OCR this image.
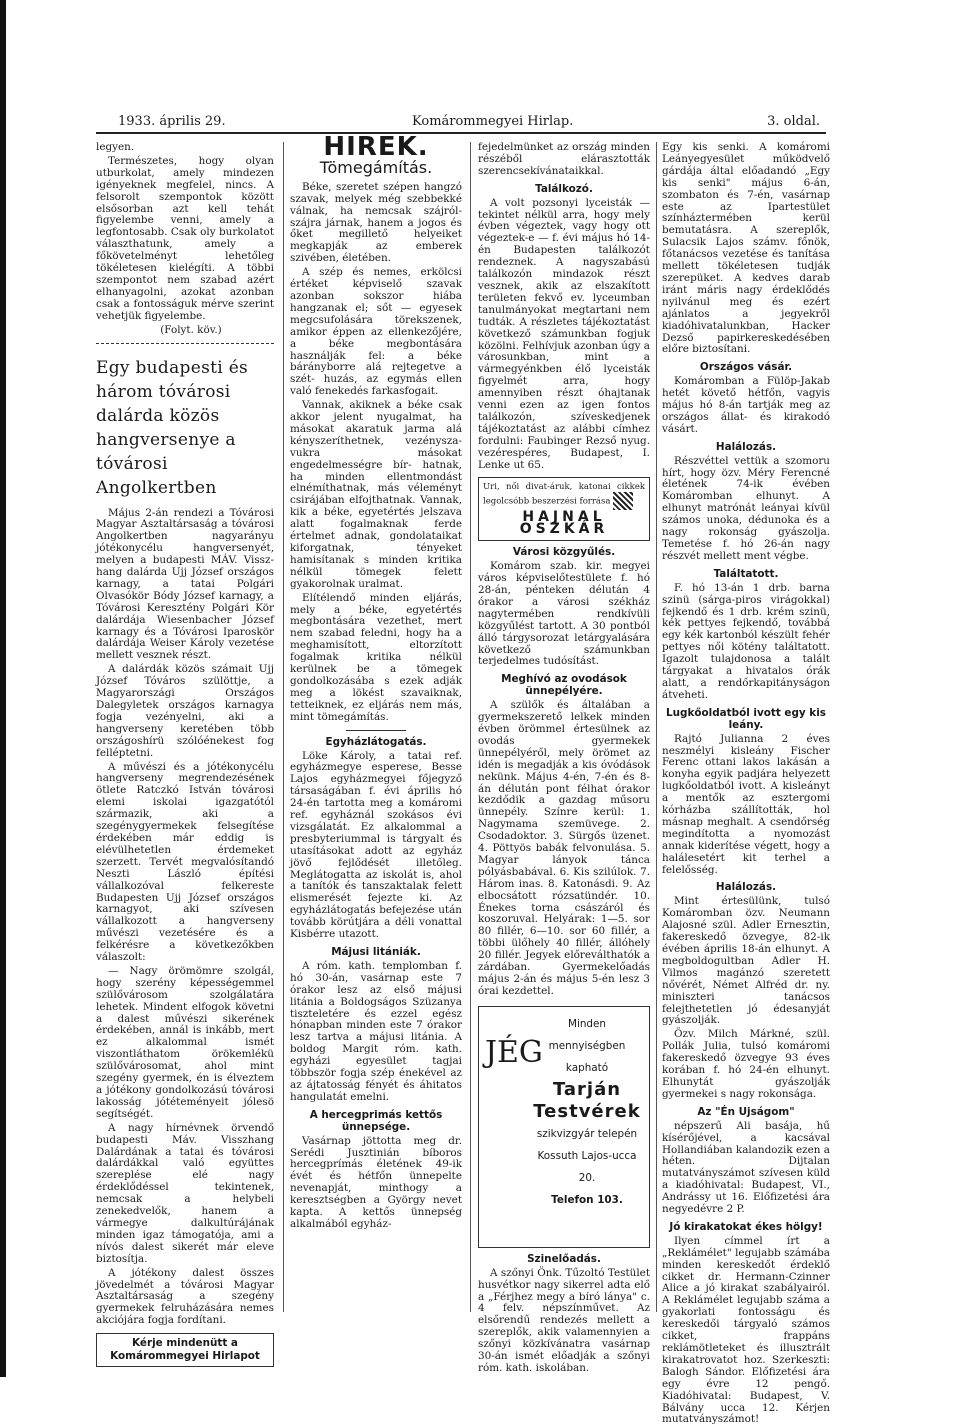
1933. április 29.	Komárommegyei Hirlap.	3. oldal.

legyen.

Természetes, hogy olyan utburkolat, amely mindezen igényeknek megfelel, nincs. A felsorolt szempontok között elsősorban azt kell tehát figyelembe venni, amely a legfontosabb. Csak oly burkolatot választhatunk, amely a főkövetelményt lehetőleg tökéletesen kielégíti. A többi szempontot nem szabad azért elhanyagolni, azokat azonban csak a fontosságuk mérve szerint vehetjük figyelembe.

(Folyt. köv.)

Egy budapesti és három tóvárosi dalárda közös hangversenye a tóvárosi Angolkertben

Május 2-án rendezi a Tóvárosi Magyar Asztaltársaság a tóvárosi Angolkertben nagyarányu jótékonycélu hangversenyét, melyen a budapesti MÁV. Vissz- hang dalárda Ujj József országos karnagy, a tatai Polgári Olvasókör Bódy József karnagy, a Tóvárosi Keresztény Polgári Kör dalárdája Wiesenbacher József karnagy és a Tóvárosi Iparoskör dalárdája Weiser Károly vezetése mellett vesznek részt.

A dalárdák közös számait Ujj József Tóváros szülöttje, a Magyarországi Országos Dalegyletek országos karnagya fogja vezényelni, aki a hangverseny keretében több országoshírü szólóénekest fog felléptetni.

A művészi és a jótékonycélu hangverseny megrendezésének ötlete Ratczkó István tóvárosi elemi iskolai igazgatótól származik, aki a szegénygyermekek felsegítése érdekében már eddig is elévülhetetlen érdemeket szerzett. Tervét megvalósítandó Neszti László építési vállalkozóval felkereste Budapesten Ujj József országos karnagyot, aki szívesen vállalkozott a hangverseny művészi vezetésére és a felkérésre a következőkben válaszolt:

— Nagy örömömre szolgál, hogy szerény képességemmel szülővárosom szolgálatára lehetek. Mindent elfogok követni a dalest művészi sikerének érdekében, annál is inkább, mert ez alkalommal ismét viszontláthatom örökemlékü szülővárosomat, ahol mint szegény gyermek, én is élveztem a jótékony gondolkozású tóvárosi lakosság jótéteményeit jólesö segítségét.

A nagy hírnévnek örvendő budapesti Máv. Visszhang Dalárdának a tatai és tóvárosi dalárdákkal való együttes szereplése elé nagy érdeklődéssel tekintenek, nemcsak a helybeli zenekedvelők, hanem a vármegye dalkultúrájának minden igaz támogatója, ami a nívós dalest sikerét már eleve biztosítja.

A jótékony dalest összes jövedelmét a tóvárosi Magyar Asztaltársaság a szegény gyermekek felruházására nemes akciójára fogja fordítani.

Kérje mindenütt a Komárommegyei Hirlapot
HIREK.
Tömegámítás.

Béke, szeretet szépen hangzó szavak, melyek még szebbekké válnak, ha nemcsak szájról-szájra járnak, hanem a jogos és őket megillető helyeiket megkapják az emberek szivében, életében.

A szép és nemes, erkölcsi értéket képviselő szavak azonban sokszor hiába hangzanak el; sőt — egyesek megcsufolására törekszenek, amikor éppen az ellenkezőjére, a béke megbontására használják fel: a béke bárányborre alá rejtegetve a szét- huzás, az egymás ellen való fenekedés farkasfogait.

Vannak, akiknek a béke csak akkor jelent nyugalmat, ha másokat akaratuk jarma alá kényszeríthetnek, vezénysza- vukra másokat engedelmességre bír- hatnak, ha minden ellentmondást elnémíthatnak, más véleményt csirájában elfojthatnak. Vannak, kik a béke, egyetértés jelszava alatt fogalmaknak ferde értelmet adnak, gondolataikat kiforgatnak, tényeket hamisítanak s minden kritika nélkül tömegek felett gyakorolnak uralmat.

Elítélendő minden eljárás, mely a béke, egyetértés megbontására vezethet, mert nem szabad feledni, hogy ha a meghamisított, eltorzított fogalmak kritika nélkül kerülnek be a tömegek gondolkozásába s ezek adják meg a lökést szavaiknak, tetteiknek, ez eljárás nem más, mint tömegámítás.

Egyházlátogatás.

Löke Károly, a tatai ref. egyházmegye esperese, Besse Lajos egyházmegyei főjegyző társaságában f. évi április hó 24-én tartotta meg a komáromi ref. egyháznál szokásos évi vizsgálatát. Ez alkalommal a presbyteriummal is tárgyalt és utasításokat adott az egyház jövő fejlődését illetőleg. Meglátogatta az iskolát is, ahol a tanítók és tanszaktalak felett elismerését fejezte ki. Az egyházlátogatás befejezése után tovább körútjára a déli vonattal Kisbérre utazott.

Májusi litániák.

A róm. kath. templomban f. hó 30-án, vasárnap este 7 órakor lesz az első májusi litánia a Boldogságos Szüzanya tiszteletére és ezzel egész hónapban minden este 7 órakor lesz tartva a májusi litánia. A boldog Margit róm. kath. egyházi egyesület tagjai többször fogja szép énekével az az ájtatosság fényét és áhitatos hangulatát emelni.

A hercegprimás kettős ünnepsége.

Vasárnap jöttotta meg dr. Serédi Jusztinián bíboros hercegprímás életének 49-ik évét és hétfőn ünnepelte nevenapját, minthogy a keresztségben a György nevet kapta. A kettős ünnepség alkalmából egyház-

fejedelmünket az ország minden részéből elárasztották szerencsekívánataikkal.

Találkozó.

A volt pozsonyi lyceisták — tekintet nélkül arra, hogy mely évben végeztek, vagy hogy ott végeztek-e — f. évi május hó 14-én Budapesten találkozót rendeznek. A nagyszabású találkozón mindazok részt vesznek, akik az elszakított területen fekvő ev. lyceumban tanulmányokat megtartani nem tudták. A részletes tájékoztatást következő számunkban fogjuk közölni. Felhívjuk azonban úgy a városunkban, mint a vármegyénkben élő lyceisták figyelmét arra, hogy amennyiben részt óhajtanak venni ezen az igen fontos találkozón, szíveskedjenek tájékoztatást az alábbi címhez fordulni: Faubinger Rezső nyug. vezérespéres, Budapest, I. Lenke ut 65.

Uri, női divat-áruk, katonai cikkek legolcsóbb beszerzési forrása

HAJNAL OSZKÁR
Városi közgyűlés.

Komárom szab. kir. megyei város képviselőtestülete f. hó 28-án, pénteken délután 4 órakor a városi székház nagytermében rendkívüli közgyűlést tartott. A 30 pontból álló tárgysorozat letárgyalására következő számunkban terjedelmes tudósítást.

Meghívó az ovodások ünnepélyére.

A szülők és általában a gyermekszerető lelkek minden évben örömmel értesülnek az ovodás gyermekek ünnepélyéről, mely örömet az idén is megadják a kis óvódások nekünk. Május 4-én, 7-én és 8-án délután pont félhat órakor kezdődik a gazdag műsoru ünnepély. Színre kerül: 1. Nagymama szemüvege. 2. Csodadoktor. 3. Sürgős üzenet. 4. Pöttyös babák felvonulása. 5. Magyar lányok tánca pólyásbabával. 6. Kis szilúlok. 7. Három inas. 8. Katonásdi. 9. Az elbocsátott rózsatündér. 10. Énekes torna császáról és koszoruval. Helyárak: 1—5. sor 80 fillér, 6—10. sor 60 fillér, a többi ülőhely 40 fillér, állóhely 20 fillér. Jegyek előreválthatók a zárdában. Gyermekelőadás május 2-án és május 5-én lesz 3 órai kezdettel.

JÉG
Minden
mennyiségben
kapható
Tarján Testvérek
szikvizgyár telepén
Kossuth Lajos-ucca 20.
Telefon 103.
Szinelőadás.

A szőnyi Önk. Tűzoltó Testület husvétkor nagy sikerrel adta elő a „Férjhez megy a bíró lánya" c. 4 felv. népszínművet. Az elsőrendű rendezés mellett a szereplők, akik valamennyien a szőnyi közkívánatra vasárnap 30-án ismét előadják a szőnyi róm. kath. iskolában.

Egy kis senki. A komáromi Leányegyesület működvelő gárdája által előadandó „Egy kis senki" május 6-án, szombaton és 7-én, vasárnap este az Ipartestület színháztermében kerül bemutatásra. A szereplők, Sulacsik Lajos számv. főnök, főtanácsos vezetése és tanítása mellett tökéletesen tudják szerepüket. A kedves darab iránt máris nagy érdeklődés nyilvánul meg és ezért ajánlatos a jegyekről kiadóhivatalunkban, Hacker Dezső papirkereskedésében előre biztosítani.

Országos vásár.

Komáromban a Fülöp-Jakab hetét követő hétfőn, vagyis május hó 8-án tartják meg az országos állat- és kirakodó vásárt.

Halálozás.

Részvéttel vettük a szomoru hírt, hogy özv. Méry Ferencné életének 74-ik évében Komáromban elhunyt. A elhunyt matrónát leányai kívül számos unoka, dédunoka és a nagy rokonság gyászolja. Temetése f. hó 26-án nagy részvét mellett ment végbe.

Találtatott.

F. hó 13-án 1 drb. barna szinü (sárga-piros virágokkal) fejkendő és 1 drb. krém szinü, kék pettyes fejkendő, továbbá egy kék kartonból készült fehér pettyes női kötény találtatott. Igazolt tulajdonosa a talált tárgyakat a hivatalos órák alatt, a rendőrkapitányságon átveheti.

Lugkőoldatból ivott egy kis leány.

Rajtó Julianna 2 éves neszmélyi kisleány Fischer Ferenc ottani lakos lakásán a konyha egyik padjára helyezett lugkőoldatból ivott. A kisleányt a mentők az esztergomi kórházba szállították, hol másnap meghalt. A csendőrség megindította a nyomozást annak kiderítése végett, hogy a halálesetért kit terhel a felelősség.

Halálozás.

Mint értesülünk, tulsó Komáromban özv. Neumann Alajosné szül. Adler Ernesztin, fakereskedő özvegye, 82-ik évében április 18-án elhunyt. A megboldogultban Adler H. Vilmos magánzó szeretett nővérét, Német Alfréd dr. ny. miniszteri tanácsos felejthetetlen jó édesanyját gyászolják.

Özv. Milch Márkné, szül. Pollák Julia, tulsó komáromi fakereskedő özvegye 93 éves korában f. hó 24-én elhunyt. Elhunytát gyászolják gyermekei s nagy rokonsága.

Az "Én Ujságom"

népszerű Ali basája, hű kísérőjével, a kacsával Hollandiában kalandozik ezen a héten. Dijtalan mutatványszámot szívesen küld a kiadóhivatal: Budapest, VI., Andrássy ut 16. Előfizetési ára negyedévre 2 P.

Jó kirakatokat ékes hölgy!

Ilyen címmel írt a „Reklámélet" legujabb számába minden kereskedőt érdeklő cikket dr. Hermann-Czinner Alice a jó kirakat szabályairól. A Reklámélet legujabb száma a gyakorlati fontosságu és kereskedői tárgyaló számos cikket, frappáns reklámötleteket és illusztrált kirakatrovatot hoz. Szerkeszti: Balogh Sándor. Előfizetési ára egy évre 12 pengő. Kiadóhivatal: Budapest, V. Bálvány ucca 12. Kérjen mutatványszámot!
